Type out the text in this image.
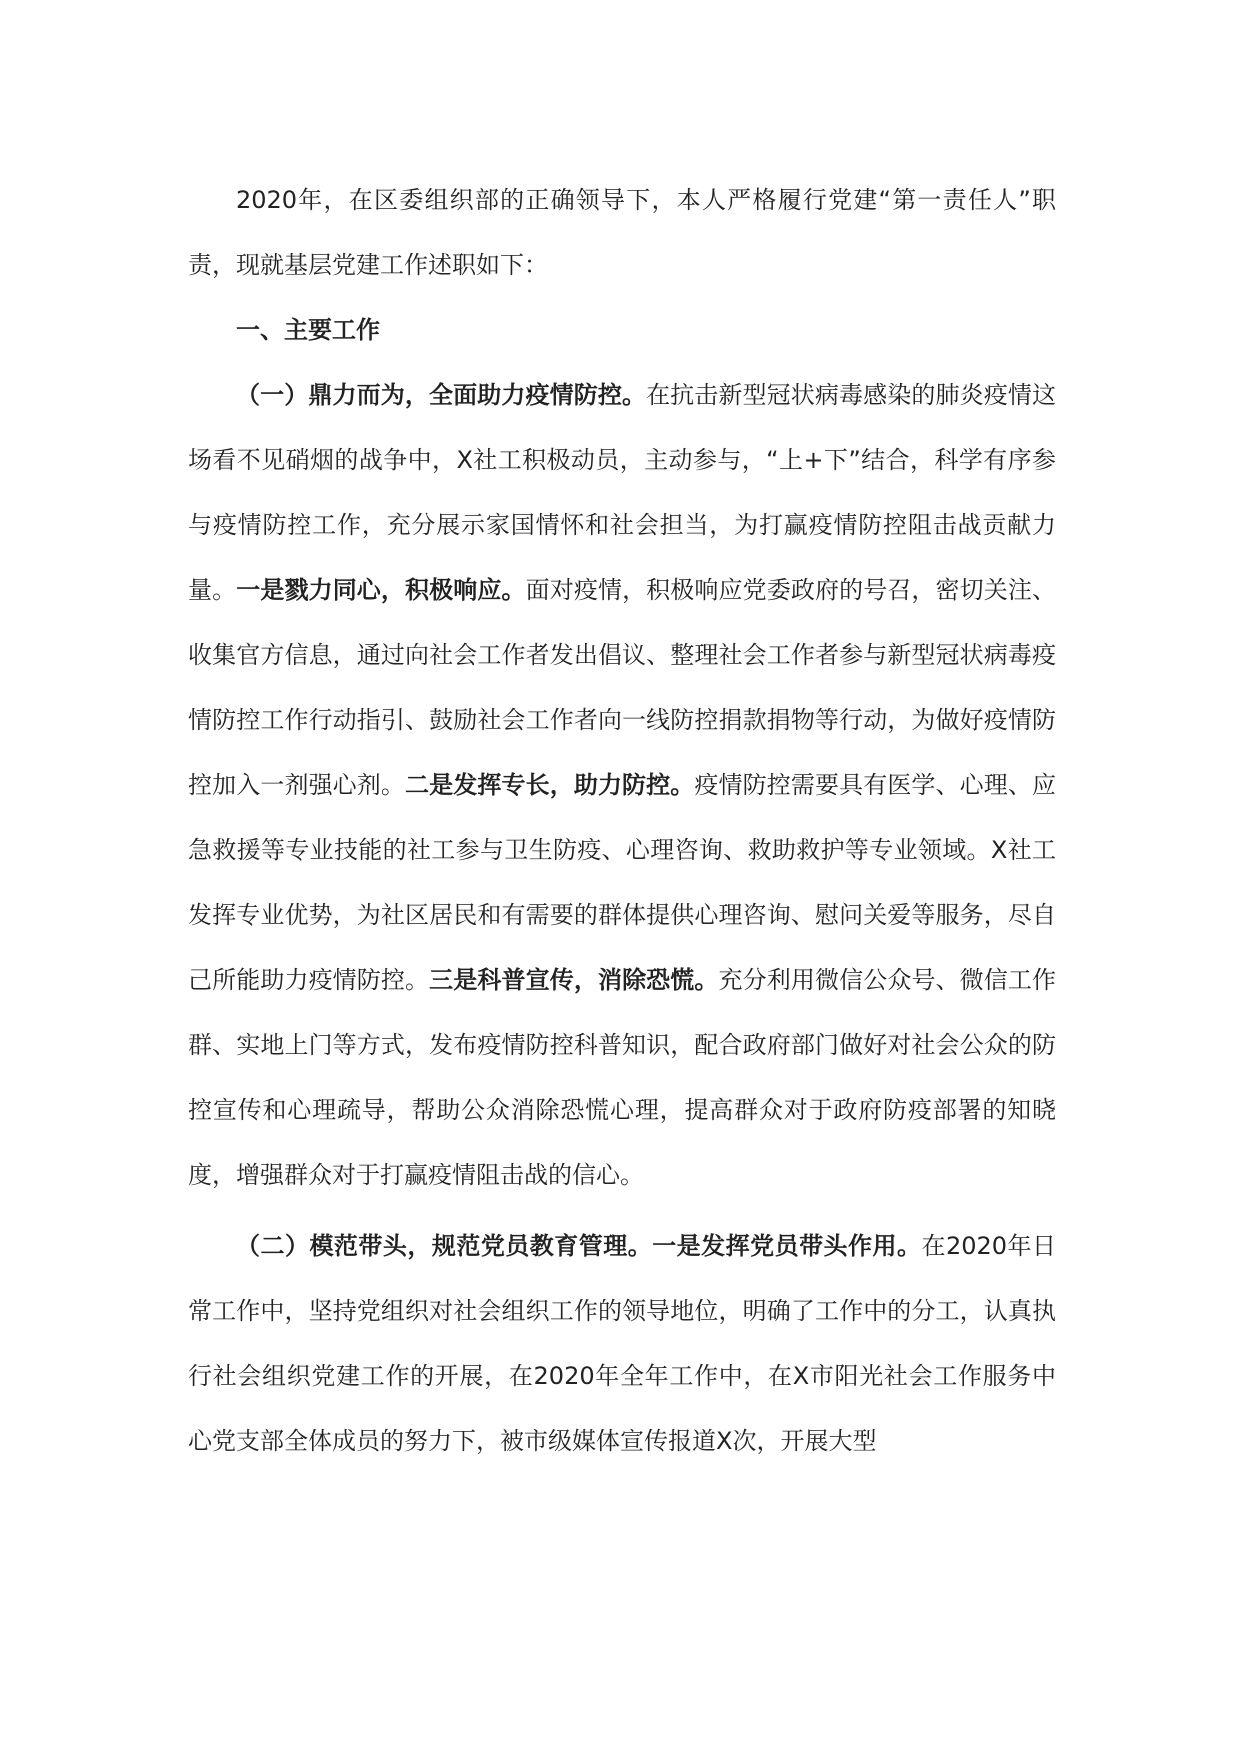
2020年，在区委组织部的正确领导下，本人严格履行党建“第一责任人”职责，现就基层党建工作述职如下：

一、主要工作

（一）鼎力而为，全面助力疫情防控。在抗击新型冠状病毒感染的肺炎疫情这场看不见硝烟的战争中，X社工积极动员，主动参与，“上+下”结合，科学有序参与疫情防控工作，充分展示家国情怀和社会担当，为打赢疫情防控阻击战贡献力量。一是戮力同心，积极响应。面对疫情，积极响应党委政府的号召，密切关注、收集官方信息，通过向社会工作者发出倡议、整理社会工作者参与新型冠状病毒疫情防控工作行动指引、鼓励社会工作者向一线防控捐款捐物等行动，为做好疫情防控加入一剂强心剂。二是发挥专长，助力防控。疫情防控需要具有医学、心理、应急救援等专业技能的社工参与卫生防疫、心理咨询、救助救护等专业领域。X社工发挥专业优势，为社区居民和有需要的群体提供心理咨询、慰问关爱等服务，尽自己所能助力疫情防控。三是科普宣传，消除恐慌。充分利用微信公众号、微信工作群、实地上门等方式，发布疫情防控科普知识，配合政府部门做好对社会公众的防控宣传和心理疏导，帮助公众消除恐慌心理，提高群众对于政府防疫部署的知晓度，增强群众对于打赢疫情阻击战的信心。

（二）模范带头，规范党员教育管理。一是发挥党员带头作用。在2020年日常工作中，坚持党组织对社会组织工作的领导地位，明确了工作中的分工，认真执行社会组织党建工作的开展，在2020年全年工作中，在X市阳光社会工作服务中心党支部全体成员的努力下，被市级媒体宣传报道X次，开展大型
